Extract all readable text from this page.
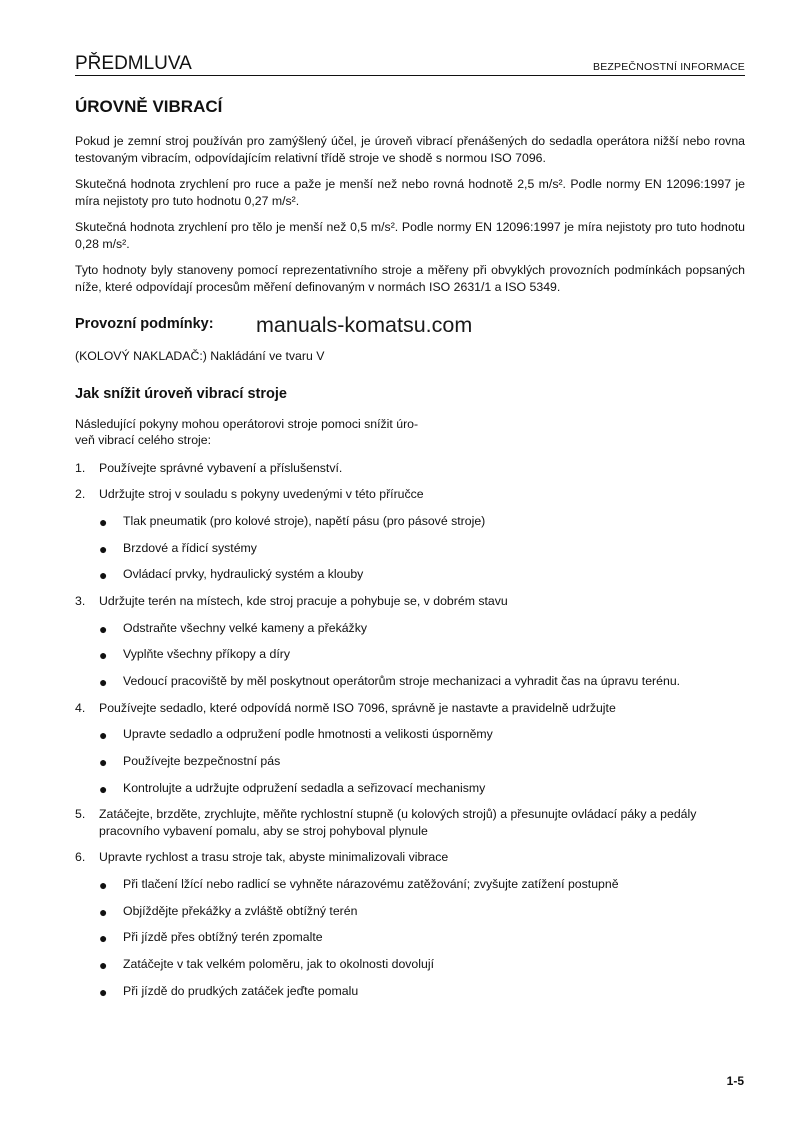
PŘEDMLUVA	BEZPEČNOSTNÍ INFORMACE
ÚROVNĚ VIBRACÍ
Pokud je zemní stroj používán pro zamýšlený účel, je úroveň vibrací přenášených do sedadla operátora nižší nebo rovna testovaným vibracím, odpovídajícím relativní třídě stroje ve shodě s normou ISO 7096.
Skutečná hodnota zrychlení pro ruce a paže je menší než nebo rovná hodnotě 2,5 m/s². Podle normy EN 12096:1997 je míra nejistoty pro tuto hodnotu 0,27 m/s².
Skutečná hodnota zrychlení pro tělo je menší než 0,5 m/s². Podle normy EN 12096:1997 je míra nejistoty pro tuto hodnotu 0,28 m/s².
Tyto hodnoty byly stanoveny pomocí reprezentativního stroje a měřeny při obvyklých provozních podmínkách popsaných níže, které odpovídají procesům měření definovaným v normách ISO 2631/1 a ISO 5349.
Provozní podmínky: manuals-komatsu.com
(KOLOVÝ NAKLADAČ:) Nakládání ve tvaru V
Jak snížit úroveň vibrací stroje
Následující pokyny mohou operátorovi stroje pomoci snížit úro-
veň vibrací celého stroje:
1. Používejte správné vybavení a příslušenství.
2. Udržujte stroj v souladu s pokyny uvedenými v této příručce
● Tlak pneumatik (pro kolové stroje), napětí pásu (pro pásové stroje)
● Brzdové a řídicí systémy
● Ovládací prvky, hydraulický systém a klouby
3. Udržujte terén na místech, kde stroj pracuje a pohybuje se, v dobrém stavu
● Odstraňte všechny velké kameny a překážky
● Vyplňte všechny příkopy a díry
● Vedoucí pracoviště by měl poskytnout operátorům stroje mechanizaci a vyhradit čas na úpravu terénu.
4. Používejte sedadlo, které odpovídá normě ISO 7096, správně je nastavte a pravidelně udržujte
● Upravte sedadlo a odpružení podle hmotnosti a velikosti úsporněmy
● Používejte bezpečnostní pás
● Kontrolujte a udržujte odpružení sedadla a seřizovací mechanismy
5. Zatáčejte, brzděte, zrychlujte, měňte rychlostní stupně (u kolových strojů) a přesunujte ovládací páky a pedály pracovního vybavení pomalu, aby se stroj pohyboval plynule
6. Upravte rychlost a trasu stroje tak, abyste minimalizovali vibrace
● Při tlačení lžící nebo radlicí se vyhněte nárazovému zatěžování; zvyšujte zatížení postupně
● Objíždějte překážky a zvláště obtížný terén
● Při jízdě přes obtížný terén zpomalte
● Zatáčejte v tak velkém poloměru, jak to okolnosti dovolují
● Při jízdě do prudkých zatáček jeďte pomalu
1-5
